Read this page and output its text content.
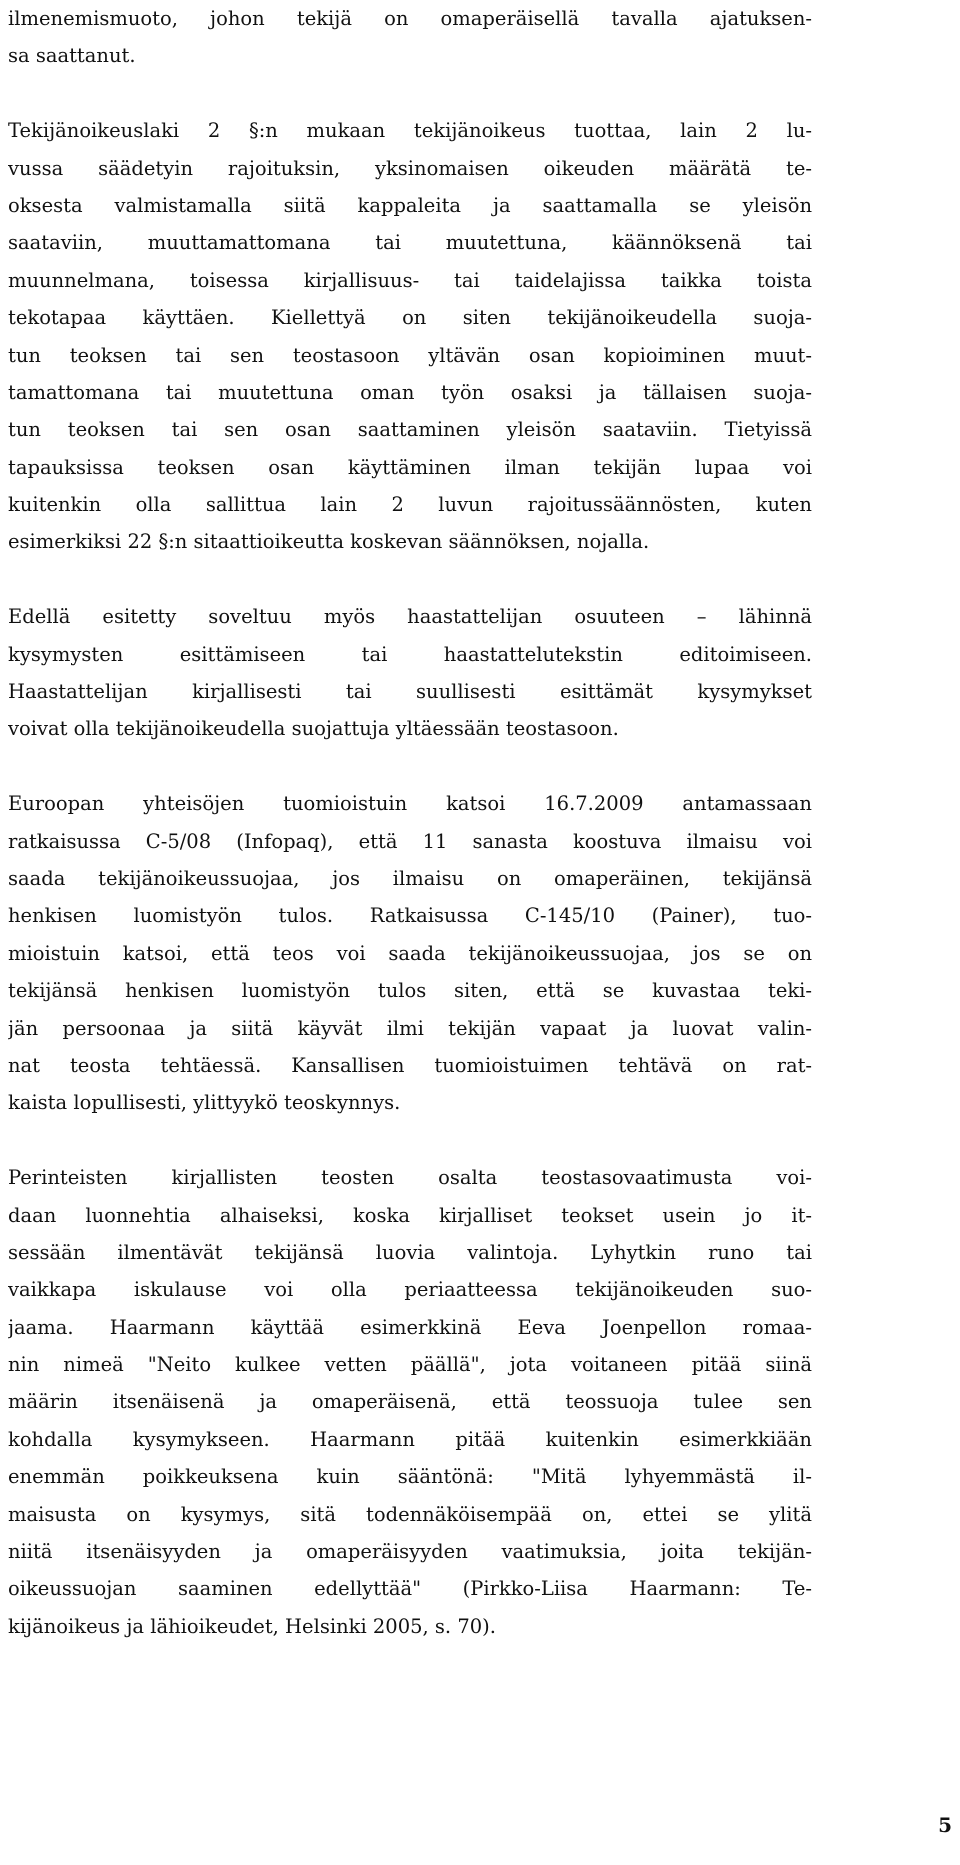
ilmenemismuoto, johon tekijä on omaperäisellä tavalla ajatuksen-
sa saattanut.
Tekijänoikeuslaki 2 §:n mukaan tekijänoikeus tuottaa, lain 2 lu-
vussa säädetyin rajoituksin, yksinomaisen oikeuden määrätä te-
oksesta valmistamalla siitä kappaleita ja saattamalla se yleisön
saataviin, muuttamattomana tai muutettuna, käännöksenä tai
muunnelmana, toisessa kirjallisuus- tai taidelajissa taikka toista
tekotapaa käyttäen. Kiellettyä on siten tekijänoikeudella suoja-
tun teoksen tai sen teostasoon yltävän osan kopioiminen muut-
tamattomana tai muutettuna oman työn osaksi ja tällaisen suoja-
tun teoksen tai sen osan saattaminen yleisön saataviin. Tietyissä
tapauksissa teoksen osan käyttäminen ilman tekijän lupaa voi
kuitenkin olla sallittua lain 2 luvun rajoitussäännösten, kuten
esimerkiksi 22 §:n sitaattioikeutta koskevan säännöksen, nojalla.
Edellä esitetty soveltuu myös haastattelijan osuuteen – lähinnä
kysymysten esittämiseen tai haastattelutekstin editoimiseen.
Haastattelijan kirjallisesti tai suullisesti esittämät kysymykset
voivat olla tekijänoikeudella suojattuja yltäessään teostasoon.
Euroopan yhteisöjen tuomioistuin katsoi 16.7.2009 antamassaan
ratkaisussa C-5/08 (Infopaq), että 11 sanasta koostuva ilmaisu voi
saada tekijänoikeussuojaa, jos ilmaisu on omaperäinen, tekijänsä
henkisen luomistyön tulos. Ratkaisussa C-145/10 (Painer), tuo-
mioistuin katsoi, että teos voi saada tekijänoikeussuojaa, jos se on
tekijänsä henkisen luomistyön tulos siten, että se kuvastaa teki-
jän persoonaa ja siitä käyvät ilmi tekijän vapaat ja luovat valin-
nat teosta tehtäessä. Kansallisen tuomioistuimen tehtävä on rat-
kaista lopullisesti, ylittyykö teoskynnys.
Perinteisten kirjallisten teosten osalta teostasovaatimusta voi-
daan luonnehtia alhaiseksi, koska kirjalliset teokset usein jo it-
sessään ilmentävät tekijänsä luovia valintoja. Lyhytkin runo tai
vaikkapa iskulause voi olla periaatteessa tekijänoikeuden suo-
jaama. Haarmann käyttää esimerkkinä Eeva Joenpellon romaa-
nin nimeä "Neito kulkee vetten päällä", jota voitaneen pitää siinä
määrin itsenäisenä ja omaperäisenä, että teossuoja tulee sen
kohdalla kysymykseen. Haarmann pitää kuitenkin esimerkkiään
enemmän poikkeuksena kuin sääntönä: "Mitä lyhyemmästä il-
maisusta on kysymys, sitä todennäköisempää on, ettei se ylitä
niitä itsenäisyyden ja omaperäisyyden vaatimuksia, joita tekijän-
oikeussuojan saaminen edellyttää" (Pirkko-Liisa Haarmann: Te-
kijänoikeus ja lähioikeudet, Helsinki 2005, s. 70).
5
